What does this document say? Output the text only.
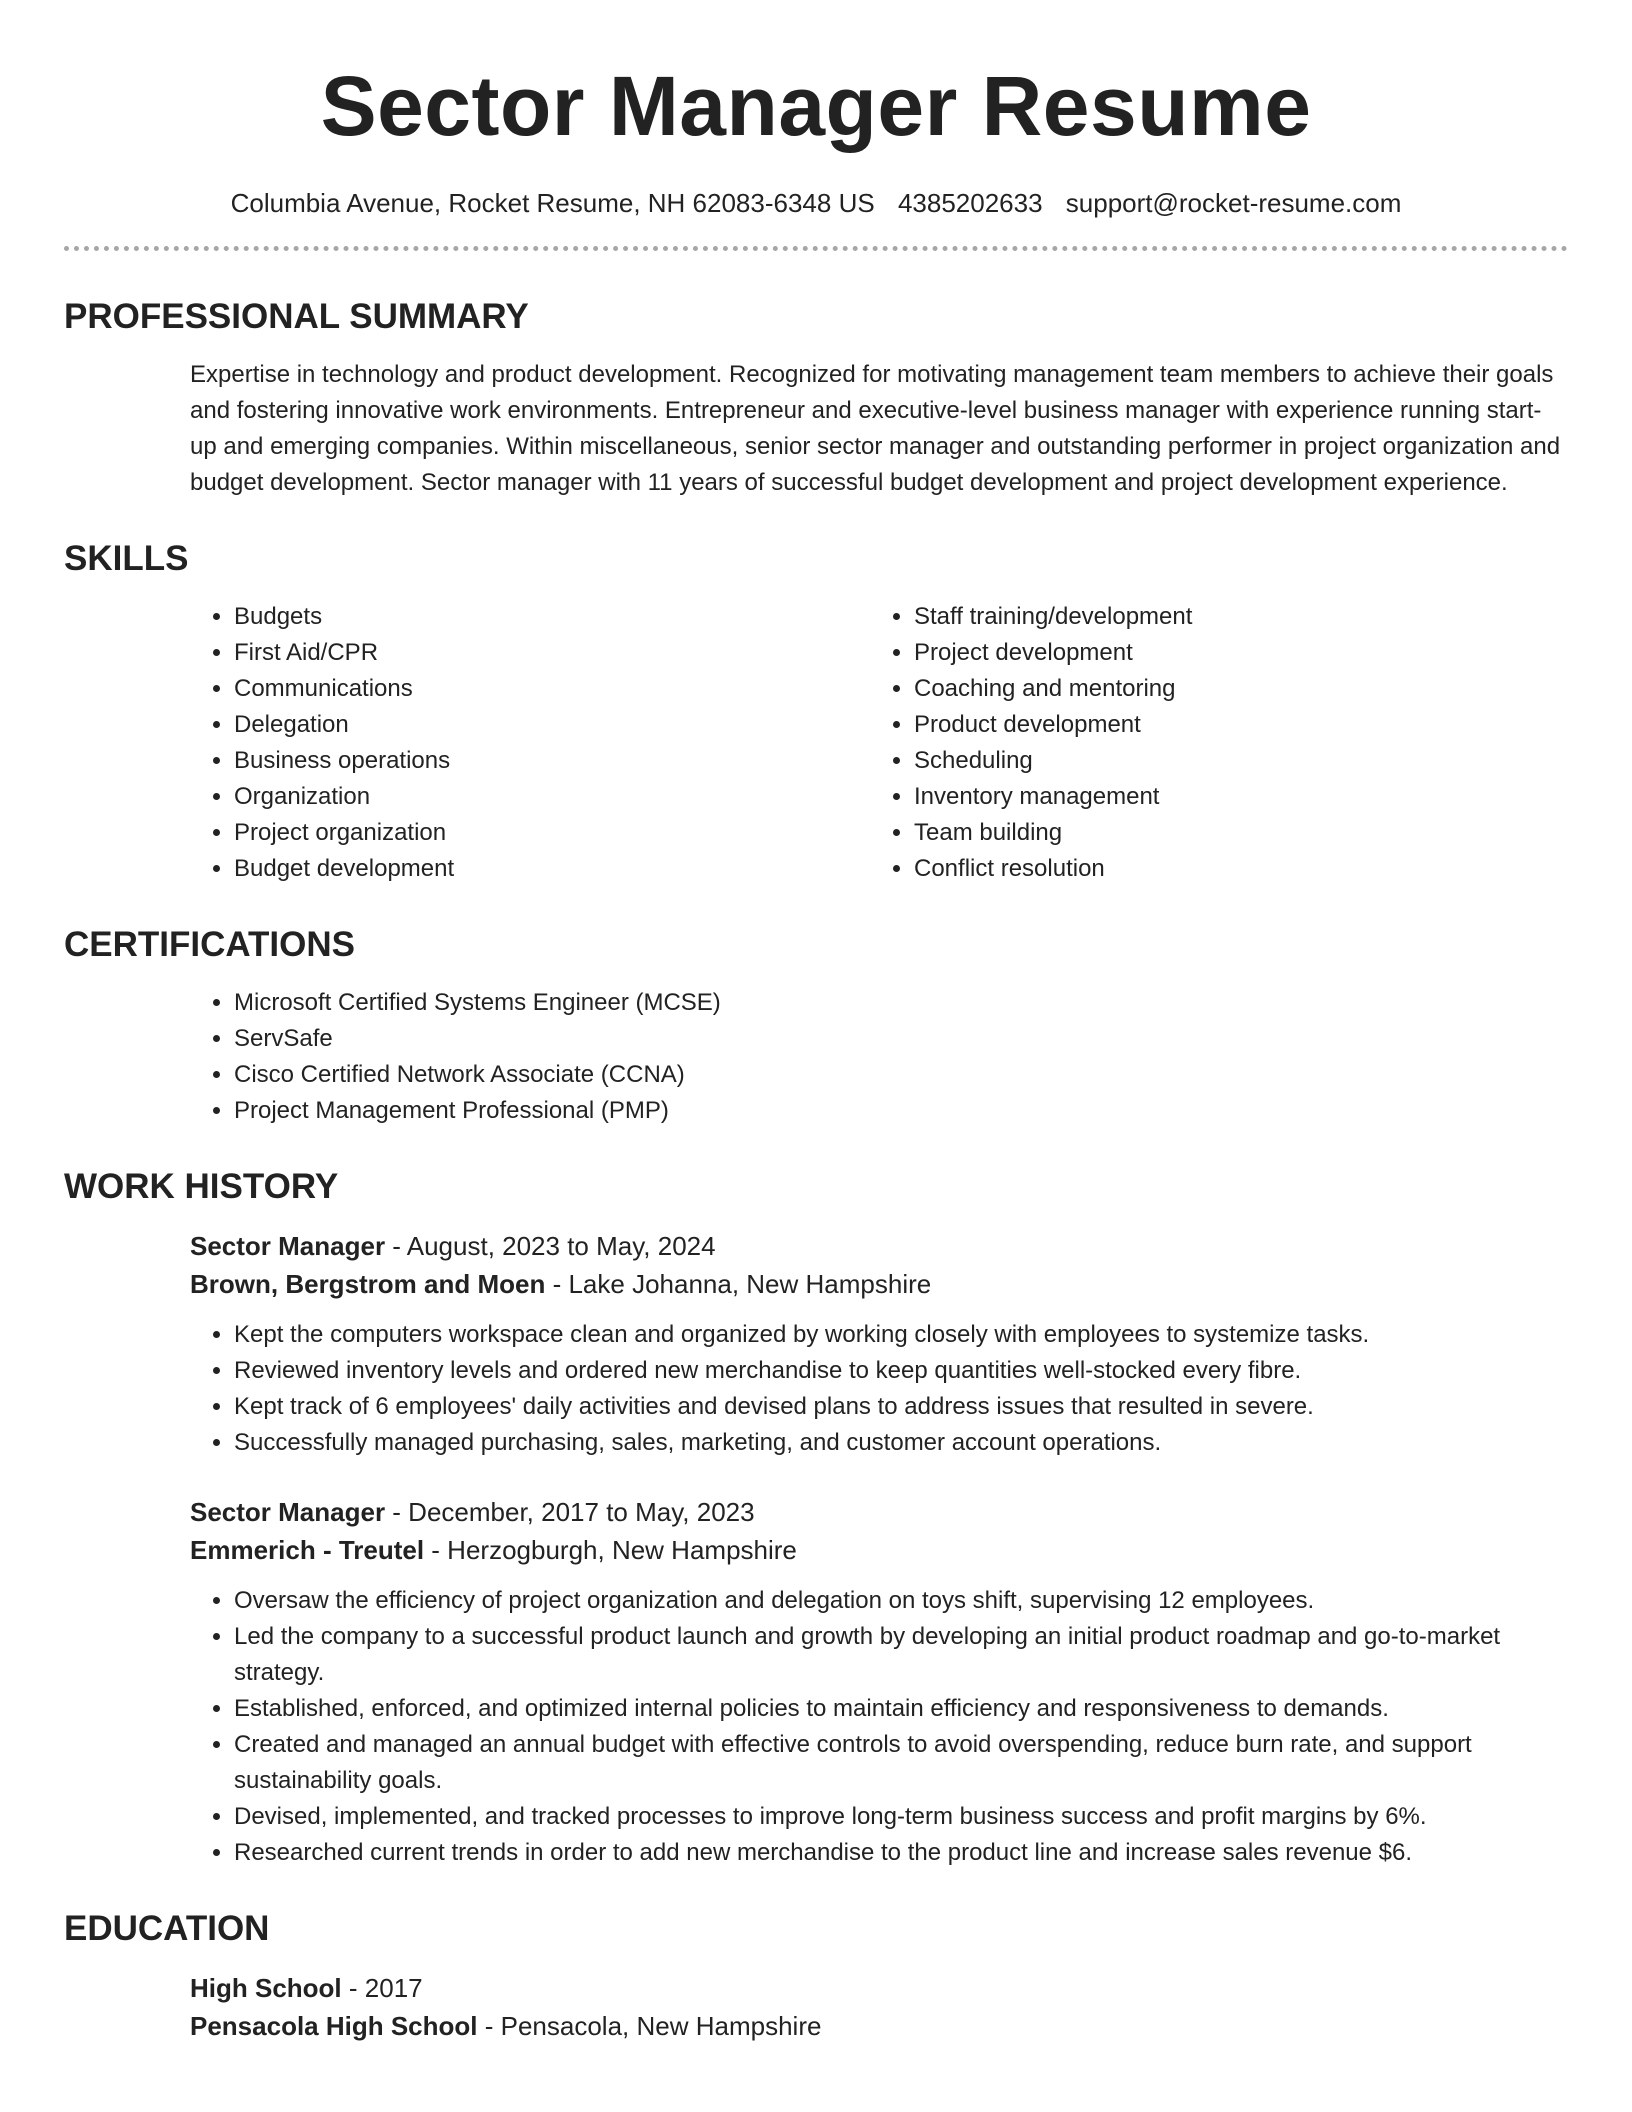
Sector Manager Resume
Columbia Avenue, Rocket Resume, NH 62083-6348 US 4385202633 support@rocket-resume.com
PROFESSIONAL SUMMARY

Expertise in technology and product development. Recognized for motivating management team members to achieve their goals and fostering innovative work environments. Entrepreneur and executive-level business manager with experience running start-up and emerging companies. Within miscellaneous, senior sector manager and outstanding performer in project organization and budget development. Sector manager with 11 years of successful budget development and project development experience.

SKILLS
• Budgets
• First Aid/CPR
• Communications
• Delegation
• Business operations
• Organization
• Project organization
• Budget development
• Staff training/development
• Project development
• Coaching and mentoring
• Product development
• Scheduling
• Inventory management
• Team building
• Conflict resolution
CERTIFICATIONS
• Microsoft Certified Systems Engineer (MCSE)
• ServSafe
• Cisco Certified Network Associate (CCNA)
• Project Management Professional (PMP)
WORK HISTORY
Sector Manager - August, 2023 to May, 2024
Brown, Bergstrom and Moen - Lake Johanna, New Hampshire
• Kept the computers workspace clean and organized by working closely with employees to systemize tasks.
• Reviewed inventory levels and ordered new merchandise to keep quantities well-stocked every fibre.
• Kept track of 6 employees' daily activities and devised plans to address issues that resulted in severe.
• Successfully managed purchasing, sales, marketing, and customer account operations.
Sector Manager - December, 2017 to May, 2023
Emmerich - Treutel - Herzogburgh, New Hampshire
• Oversaw the efficiency of project organization and delegation on toys shift, supervising 12 employees.
• Led the company to a successful product launch and growth by developing an initial product roadmap and go-to-market strategy.
• Established, enforced, and optimized internal policies to maintain efficiency and responsiveness to demands.
• Created and managed an annual budget with effective controls to avoid overspending, reduce burn rate, and support sustainability goals.
• Devised, implemented, and tracked processes to improve long-term business success and profit margins by 6%.
• Researched current trends in order to add new merchandise to the product line and increase sales revenue $6.
EDUCATION
High School - 2017
Pensacola High School - Pensacola, New Hampshire
